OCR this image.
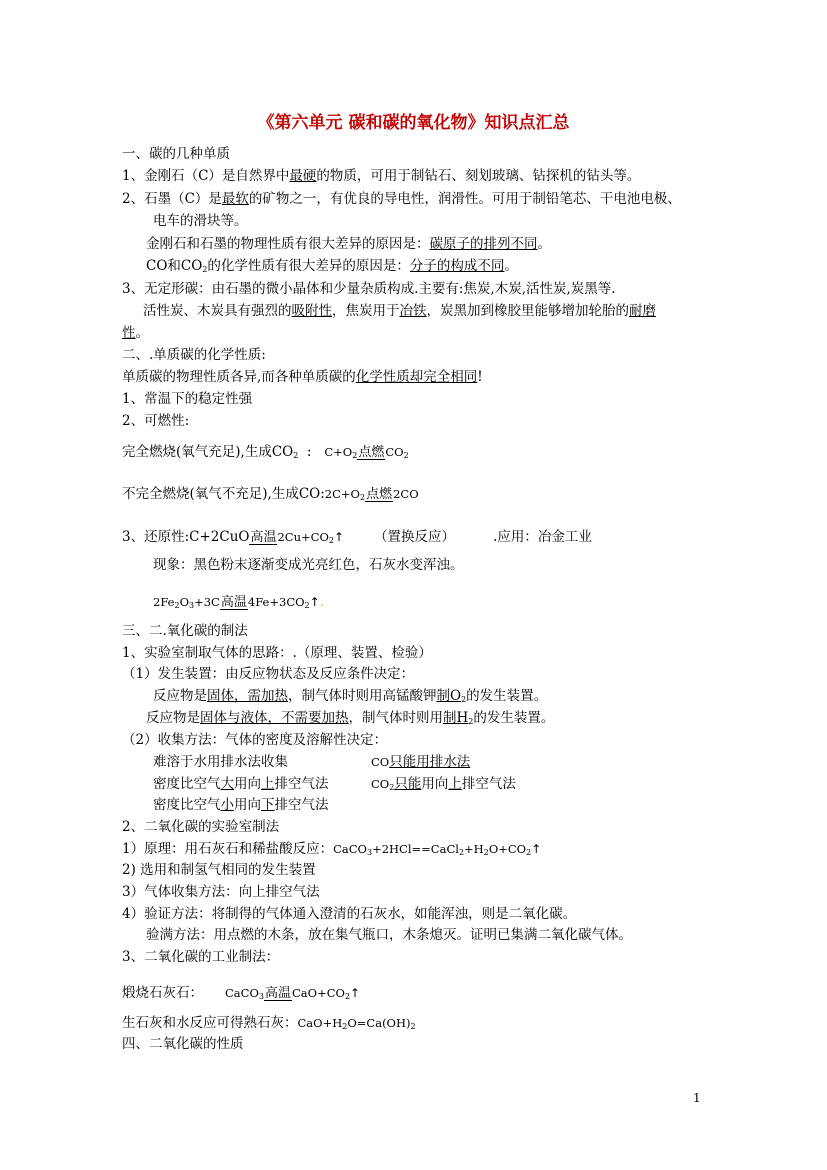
《第六单元 碳和碳的氧化物》知识点汇总
一、碳的几种单质
1、金刚石（C）是自然界中最硬的物质，可用于制钻石、刻划玻璃、钻探机的钻头等。
2、石墨（C）是最软的矿物之一，有优良的导电性，润滑性。可用于制铅笔芯、干电池电极、
电车的滑块等。
金刚石和石墨的物理性质有很大差异的原因是：碳原子的排列不同。
CO和$CO_2$的化学性质有很大差异的原因是：分子的构成不同。
3、无定形碳：由石墨的微小晶体和少量杂质构成.主要有:焦炭,木炭,活性炭,炭黑等.
活性炭、木炭具有强烈的吸附性，焦炭用于冶铁，炭黑加到橡胶里能够增加轮胎的耐磨
性。
二、.单质碳的化学性质:
单质碳的物理性质各异,而各种单质碳的化学性质却完全相同!
1、常温下的稳定性强
2、可燃性:
完全燃烧(氧气充足),生成$CO_2$  :   $C+O_2$ 点燃 $CO_2$
不完全燃烧(氧气不充足),生成$CO:2C+O_2$ 点燃 2CO
3、还原性:C+2CuO 高温 $2Cu+CO_2↑$ （置换反应）	.应用：冶金工业
现象：黑色粉末逐渐变成光亮红色，石灰水变浑浊。
$2Fe_2O_3+3C$ 高温 $4Fe+3CO_2↑$.
三、二.氧化碳的制法
1、实验室制取气体的思路：.（原理、装置、检验）
（1）发生装置：由反应物状态及反应条件决定：
反应物是固体，需加热，制气体时则用高锰酸钾制$O_2$的发生装置。
反应物是固体与液体，不需要加热，制气体时则用制$H_2$的发生装置。
（2）收集方法：气体的密度及溶解性决定：
难溶于水用排水法收集	CO只能用排水法
密度比空气大用向上排空气法	$CO_2$只能用向上排空气法
密度比空气小用向下排空气法
2、二氧化碳的实验室制法
1）原理：用石灰石和稀盐酸反应：$CaCO_3+2HCl==CaCl_2+H_2O+CO_2↑$
2) 选用和制氢气相同的发生装置
3）气体收集方法：向上排空气法
4）验证方法：将制得的气体通入澄清的石灰水，如能浑浊，则是二氧化碳。
验满方法：用点燃的木条，放在集气瓶口，木条熄灭。证明已集满二氧化碳气体。
3、二氧化碳的工业制法：
煅烧石灰石： CaCO$_3$ 高温 $CaO+CO_2↑$
生石灰和水反应可得熟石灰：$CaO+H_2O=Ca(OH)_2$
四、二氧化碳的性质
1
